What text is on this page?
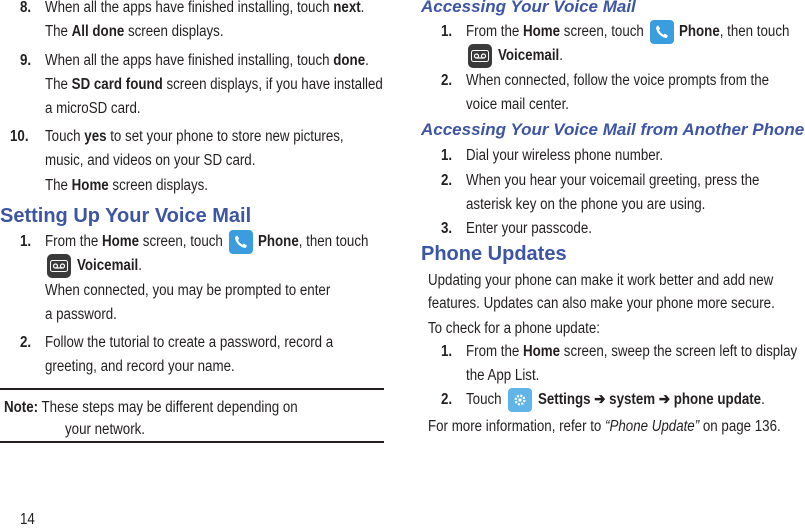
8. When all the apps have finished installing, touch next.
The All done screen displays.
9. When all the apps have finished installing, touch done.
The SD card found screen displays, if you have installed
a microSD card.
10. Touch yes to set your phone to store new pictures,
music, and videos on your SD card.
The Home screen displays.
Setting Up Your Voice Mail
1. From the Home screen, touch Phone, then touch
Voicemail.
When connected, you may be prompted to enter
a password.
2. Follow the tutorial to create a password, record a
greeting, and record your name.
Note: These steps may be different depending on
your network.
14
Accessing Your Voice Mail
1. From the Home screen, touch Phone, then touch
Voicemail.
2. When connected, follow the voice prompts from the
voice mail center.
Accessing Your Voice Mail from Another Phone
1. Dial your wireless phone number.
2. When you hear your voicemail greeting, press the
asterisk key on the phone you are using.
3. Enter your passcode.
Phone Updates
Updating your phone can make it work better and add new
features. Updates can also make your phone more secure.
To check for a phone update:
1. From the Home screen, sweep the screen left to display
the App List.
2. Touch Settings ➔ system ➔ phone update.
For more information, refer to “Phone Update” on page 136.
